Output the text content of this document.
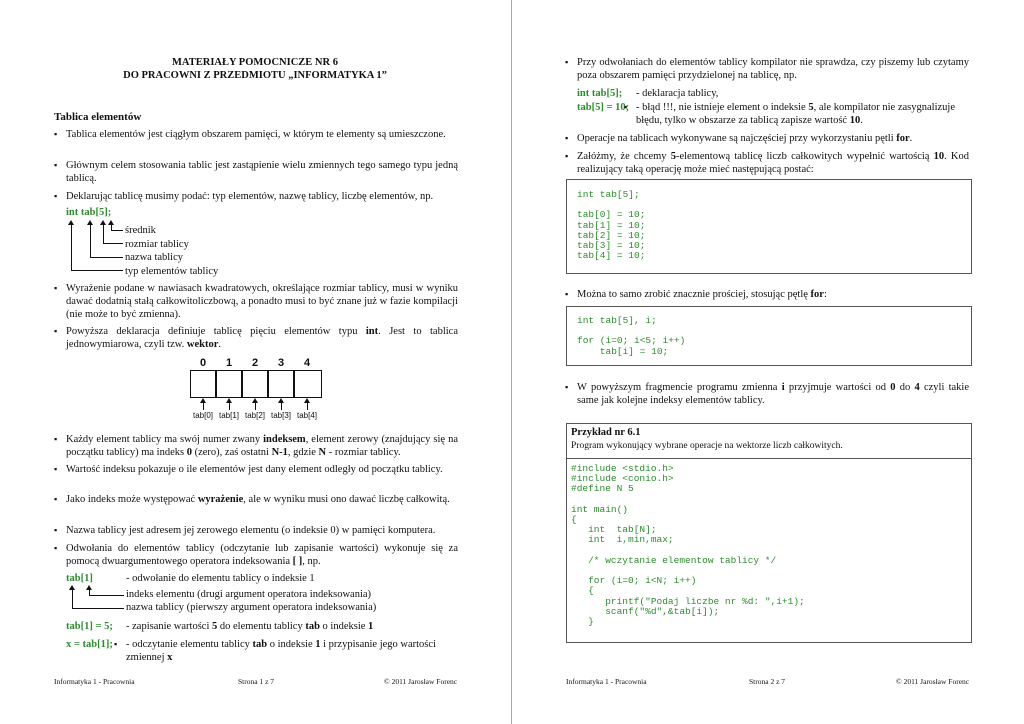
MATERIAŁY POMOCNICZE NR 6
DO PRACOWNI Z PRZEDMIOTU „INFORMATYKA 1”
Tablica elementów
▪ Tablica elementów jest ciągłym obszarem pamięci, w którym te elementy są umieszczone.
▪ Głównym celem stosowania tablic jest zastąpienie wielu zmiennych tego samego typu jedną tablicą.
▪ Deklarując tablicę musimy podać: typ elementów, nazwę tablicy, liczbę elementów, np.
int tab[5];
średnik
rozmiar tablicy
nazwa tablicy
typ elementów tablicy
▪ Wyrażenie podane w nawiasach kwadratowych, określające rozmiar tablicy, musi w wyniku dawać dodatnią stałą całkowitoliczbową, a ponadto musi to być znane już w fazie kompilacji (nie może to być zmienna).
▪ Powyższa deklaracja definiuje tablicę pięciu elementów typu int. Jest to tablica jednowymiarowa, czyli tzw. wektor.
0	1	2	3	4
tab[0] tab[1] tab[2] tab[3] tab[4]
▪ Każdy element tablicy ma swój numer zwany indeksem, element zerowy (znajdujący się na początku tablicy) ma indeks 0 (zero), zaś ostatni N-1, gdzie N - rozmiar tablicy.
▪ Wartość indeksu pokazuje o ile elementów jest dany element odległy od początku tablicy.
▪ Jako indeks może występować wyrażenie, ale w wyniku musi ono dawać liczbę całkowitą.
▪ Nazwa tablicy jest adresem jej zerowego elementu (o indeksie 0) w pamięci komputera.
▪ Odwołania do elementów tablicy (odczytanie lub zapisanie wartości) wykonuje się za pomocą dwuargumentowego operatora indeksowania [ ], np.
tab[1]	- odwołanie do elementu tablicy o indeksie 1
indeks elementu (drugi argument operatora indeksowania)
nazwa tablicy (pierwszy argument operatora indeksowania)
tab[1] = 5; - zapisanie wartości 5 do elementu tablicy tab o indeksie 1
x = tab[1]; ▪ - odczytanie elementu tablicy tab o indeksie 1 i przypisanie jego wartości zmiennej x
Informatyka 1 - Pracownia	Strona 1 z 7	© 2011 Jarosław Forenc
▪ Przy odwołaniach do elementów tablicy kompilator nie sprawdza, czy piszemy lub czytamy poza obszarem pamięci przydzielonej na tablicę, np.
int tab[5]; - deklaracja tablicy,
tab[5] = 10; ▪ - błąd !!!, nie istnieje element o indeksie 5, ale kompilator nie zasygnalizuje błędu, tylko w obszarze za tablicą zapisze wartość 10.
▪ Operacje na tablicach wykonywane są najczęściej przy wykorzystaniu pętli for.
▪ Załóżmy, że chcemy 5-elementową tablicę liczb całkowitych wypełnić wartością 10. Kod realizujący taką operację może mieć następującą postać:
int tab[5];

tab[0] = 10;
tab[1] = 10;
tab[2] = 10;
tab[3] = 10;
tab[4] = 10;
▪ Można to samo zrobić znacznie prościej, stosując pętlę for:
int tab[5], i;

for (i=0; i<5; i++)
tab[i] = 10;
▪ W powyższym fragmencie programu zmienna i przyjmuje wartości od 0 do 4 czyli takie same jak kolejne indeksy elementów tablicy.
Przykład nr 6.1
Program wykonujący wybrane operacje na wektorze liczb całkowitych.
#include <stdio.h>
#include <conio.h>
#define N 5

int main()
{
int  tab[N];
int  i,min,max;

/* wczytanie elementow tablicy */

for (i=0; i<N; i++)
{
printf("Podaj liczbe nr %d: ",i+1);
scanf("%d",&tab[i]);
}
Informatyka 1 - Pracownia	Strona 2 z 7	© 2011 Jarosław Forenc
